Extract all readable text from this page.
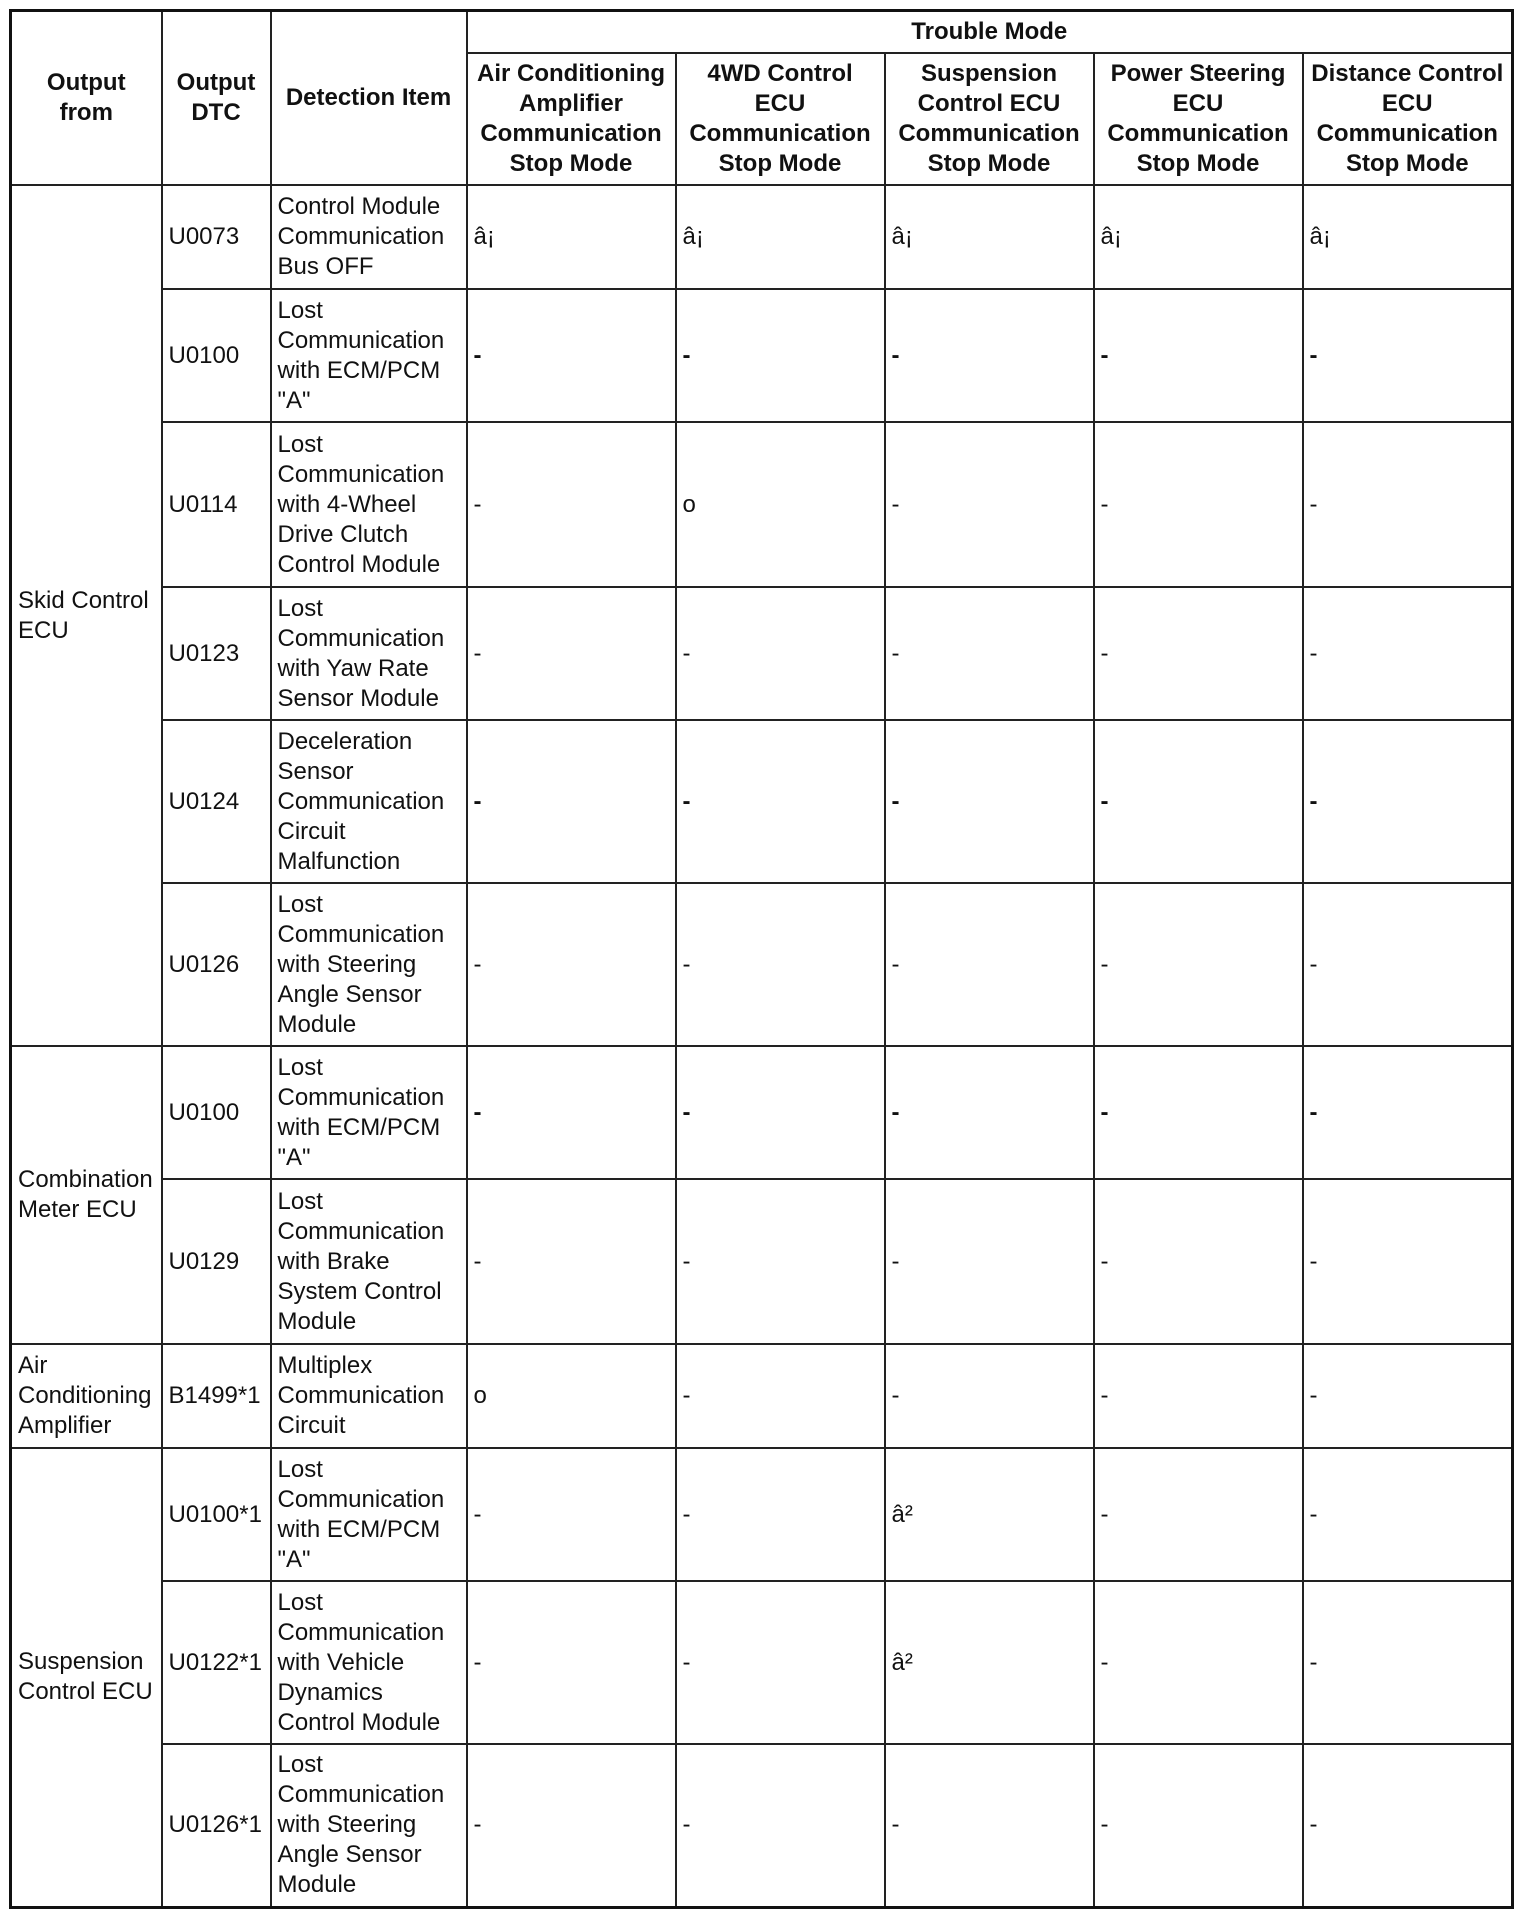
Output from	Output DTC	Detection Item	Trouble Mode				
			Air Conditioning Amplifier Communication Stop Mode	4WD Control ECU Communication Stop Mode	Suspension Control ECU Communication Stop Mode	Power Steering ECU Communication Stop Mode	Distance Control ECU Communication Stop Mode
Skid Control ECU	U0073	Control Module Communication Bus OFF	â¡	â¡	â¡	â¡	â¡
	U0100	Lost Communication with ECM/PCM "A"	-	-	-	-	-
	U0114	Lost Communication with 4-Wheel Drive Clutch Control Module	-	o	-	-	-
	U0123	Lost Communication with Yaw Rate Sensor Module	-	-	-	-	-
	U0124	Deceleration Sensor Communication Circuit Malfunction	-	-	-	-	-
	U0126	Lost Communication with Steering Angle Sensor Module	-	-	-	-	-
Combination Meter ECU	U0100	Lost Communication with ECM/PCM "A"	-	-	-	-	-
	U0129	Lost Communication with Brake System Control Module	-	-	-	-	-
Air Conditioning Amplifier	B1499*1	Multiplex Communication Circuit	o	-	-	-	-
Suspension Control ECU	U0100*1	Lost Communication with ECM/PCM "A"	-	-	â²	-	-
	U0122*1	Lost Communication with Vehicle Dynamics Control Module	-	-	â²	-	-
	U0126*1	Lost Communication with Steering Angle Sensor Module	-	-	-	-	-
